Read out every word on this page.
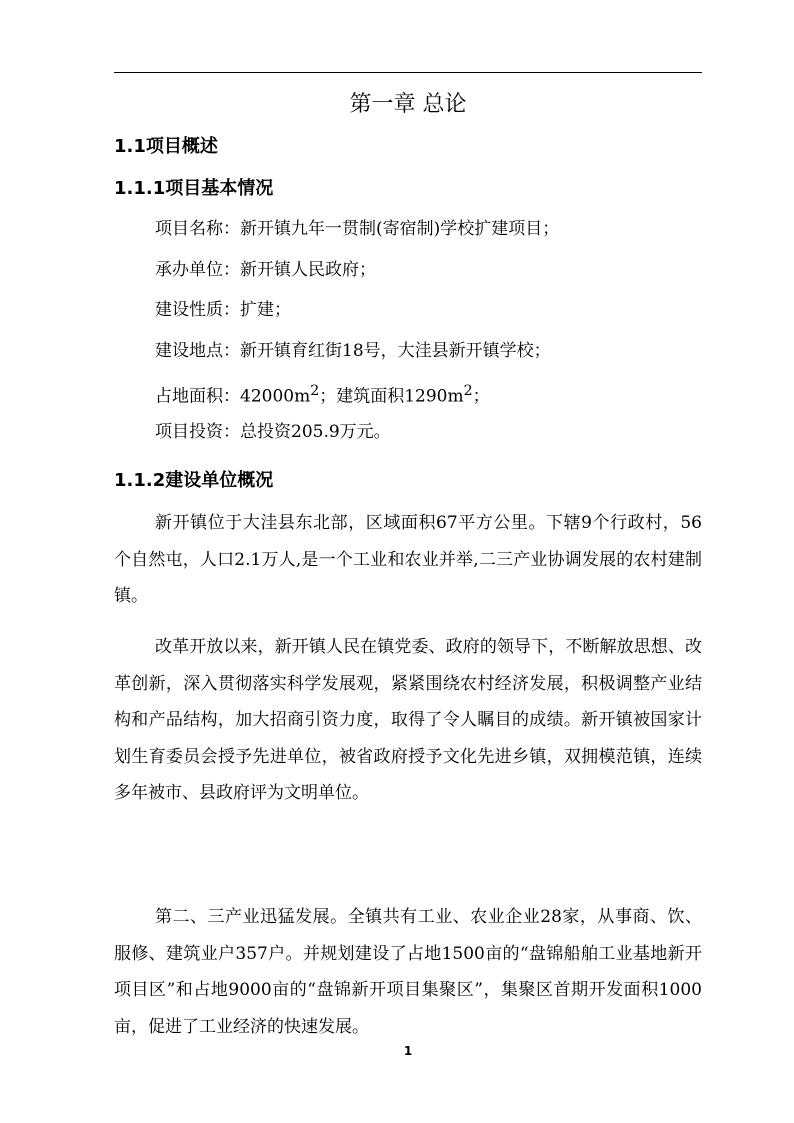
第一章 总论
1.1项目概述
1.1.1项目基本情况
项目名称：新开镇九年一贯制(寄宿制)学校扩建项目；
承办单位：新开镇人民政府；
建设性质：扩建；
建设地点：新开镇育红街18号，大洼县新开镇学校；
占地面积：$42000m^2$；建筑面积$1290m^2$；
项目投资：总投资205.9万元。
1.1.2建设单位概况

新开镇位于大洼县东北部，区域面积67平方公里。下辖9个行政村，56个自然屯，人口2.1万人,是一个工业和农业并举,二三产业协调发展的农村建制镇。

改革开放以来，新开镇人民在镇党委、政府的领导下，不断解放思想、改革创新，深入贯彻落实科学发展观，紧紧围绕农村经济发展，积极调整产业结构和产品结构，加大招商引资力度，取得了令人瞩目的成绩。新开镇被国家计划生育委员会授予先进单位，被省政府授予文化先进乡镇，双拥模范镇，连续多年被市、县政府评为文明单位。

第二、三产业迅猛发展。全镇共有工业、农业企业28家，从事商、饮、服修、建筑业户357户。并规划建设了占地1500亩的“盘锦船舶工业基地新开项目区”和占地9000亩的“盘锦新开项目集聚区”，集聚区首期开发面积1000亩，促进了工业经济的快速发展。

1
